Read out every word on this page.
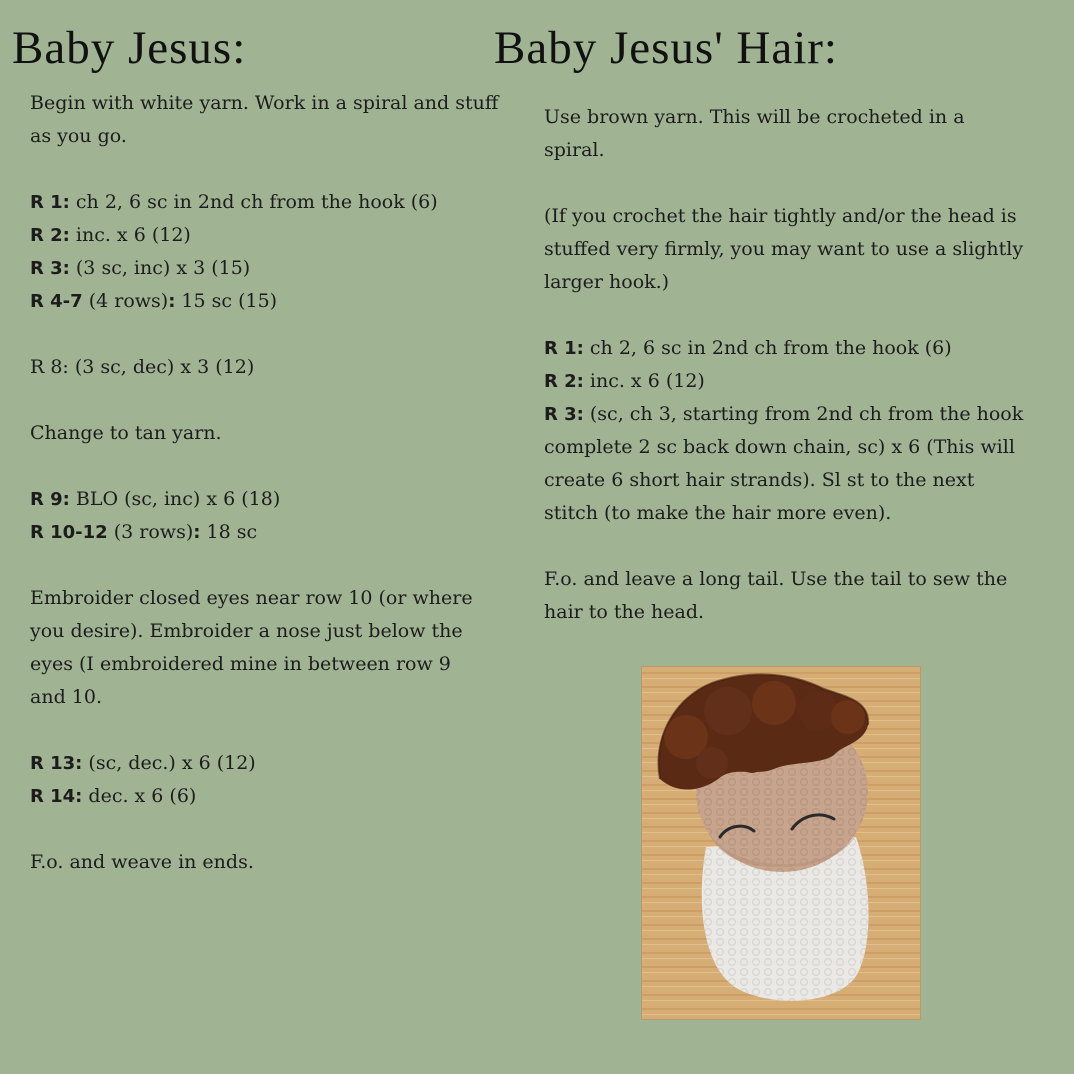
Baby Jesus:	Baby Jesus' Hair:

Begin with white yarn. Work in a spiral and stuff as you go.

R 1: ch 2, 6 sc in 2nd ch from the hook (6)

R 2: inc. x 6 (12)

R 3: (3 sc, inc) x 3 (15)

R 4-7 (4 rows): 15 sc (15)

R 8: (3 sc, dec) x 3 (12)

Change to tan yarn.

R 9: BLO (sc, inc) x 6 (18)

R 10-12 (3 rows): 18 sc

Embroider closed eyes near row 10 (or where you desire). Embroider a nose just below the eyes (I embroidered mine in between row 9 and 10.

R 13: (sc, dec.) x 6 (12)

R 14: dec. x 6 (6)

F.o. and weave in ends.

Use brown yarn. This will be crocheted in a spiral.

(If you crochet the hair tightly and/or the head is stuffed very firmly, you may want to use a slightly larger hook.)

R 1: ch 2, 6 sc in 2nd ch from the hook (6)

R 2: inc. x 6 (12)

R 3: (sc, ch 3, starting from 2nd ch from the hook complete 2 sc back down chain, sc) x 6 (This will create 6 short hair strands). Sl st to the next stitch (to make the hair more even).

F.o. and leave a long tail. Use the tail to sew the hair to the head.
